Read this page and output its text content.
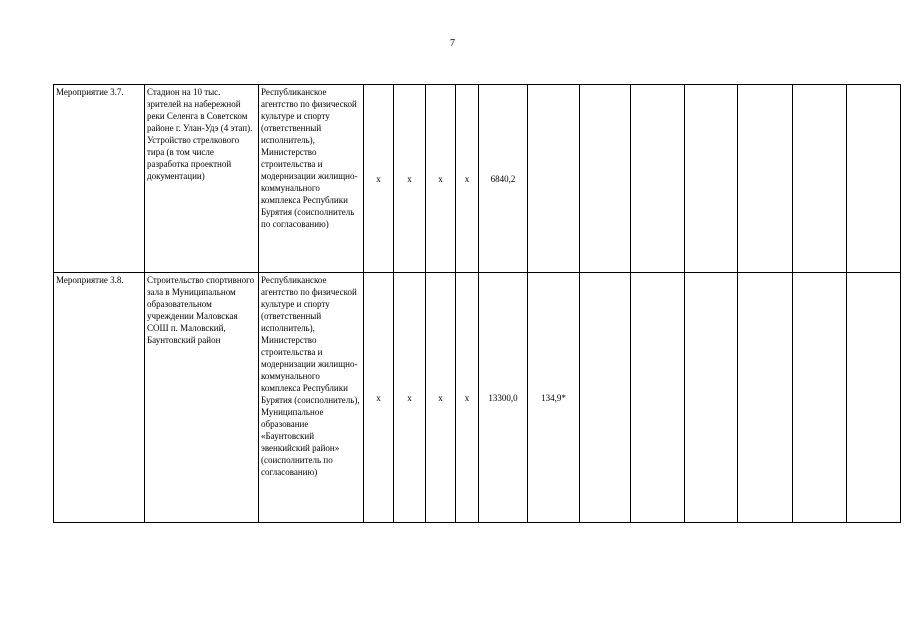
7
Мероприятие 3.7.	Стадион на 10 тыс. зрителей на набережной реки Селенга в Советском районе г. Улан-Удэ (4 этап). Устройство стрелкового тира (в том числе разработка проектной документации)	Республиканское агентство по физической культуре и спорту (ответственный исполнитель), Министерство строительства и модернизации жилищно-коммунального комплекса Республики Бурятия (соисполнитель по согласованию)	x	x	x	x	6840,2							
Мероприятие 3.8.	Строительство спортивного зала в Муниципальном образовательном учреждении Маловская СОШ п. Маловский, Баунтовский район	Республиканское агентство по физической культуре и спорту (ответственный исполнитель), Министерство строительства и модернизации жилищно-коммунального комплекса Республики Бурятия (соисполнитель), Муниципальное образование «Баунтовский эвенкийский район» (соисполнитель по согласованию)	x	x	x	x	13300,0	134,9*						
